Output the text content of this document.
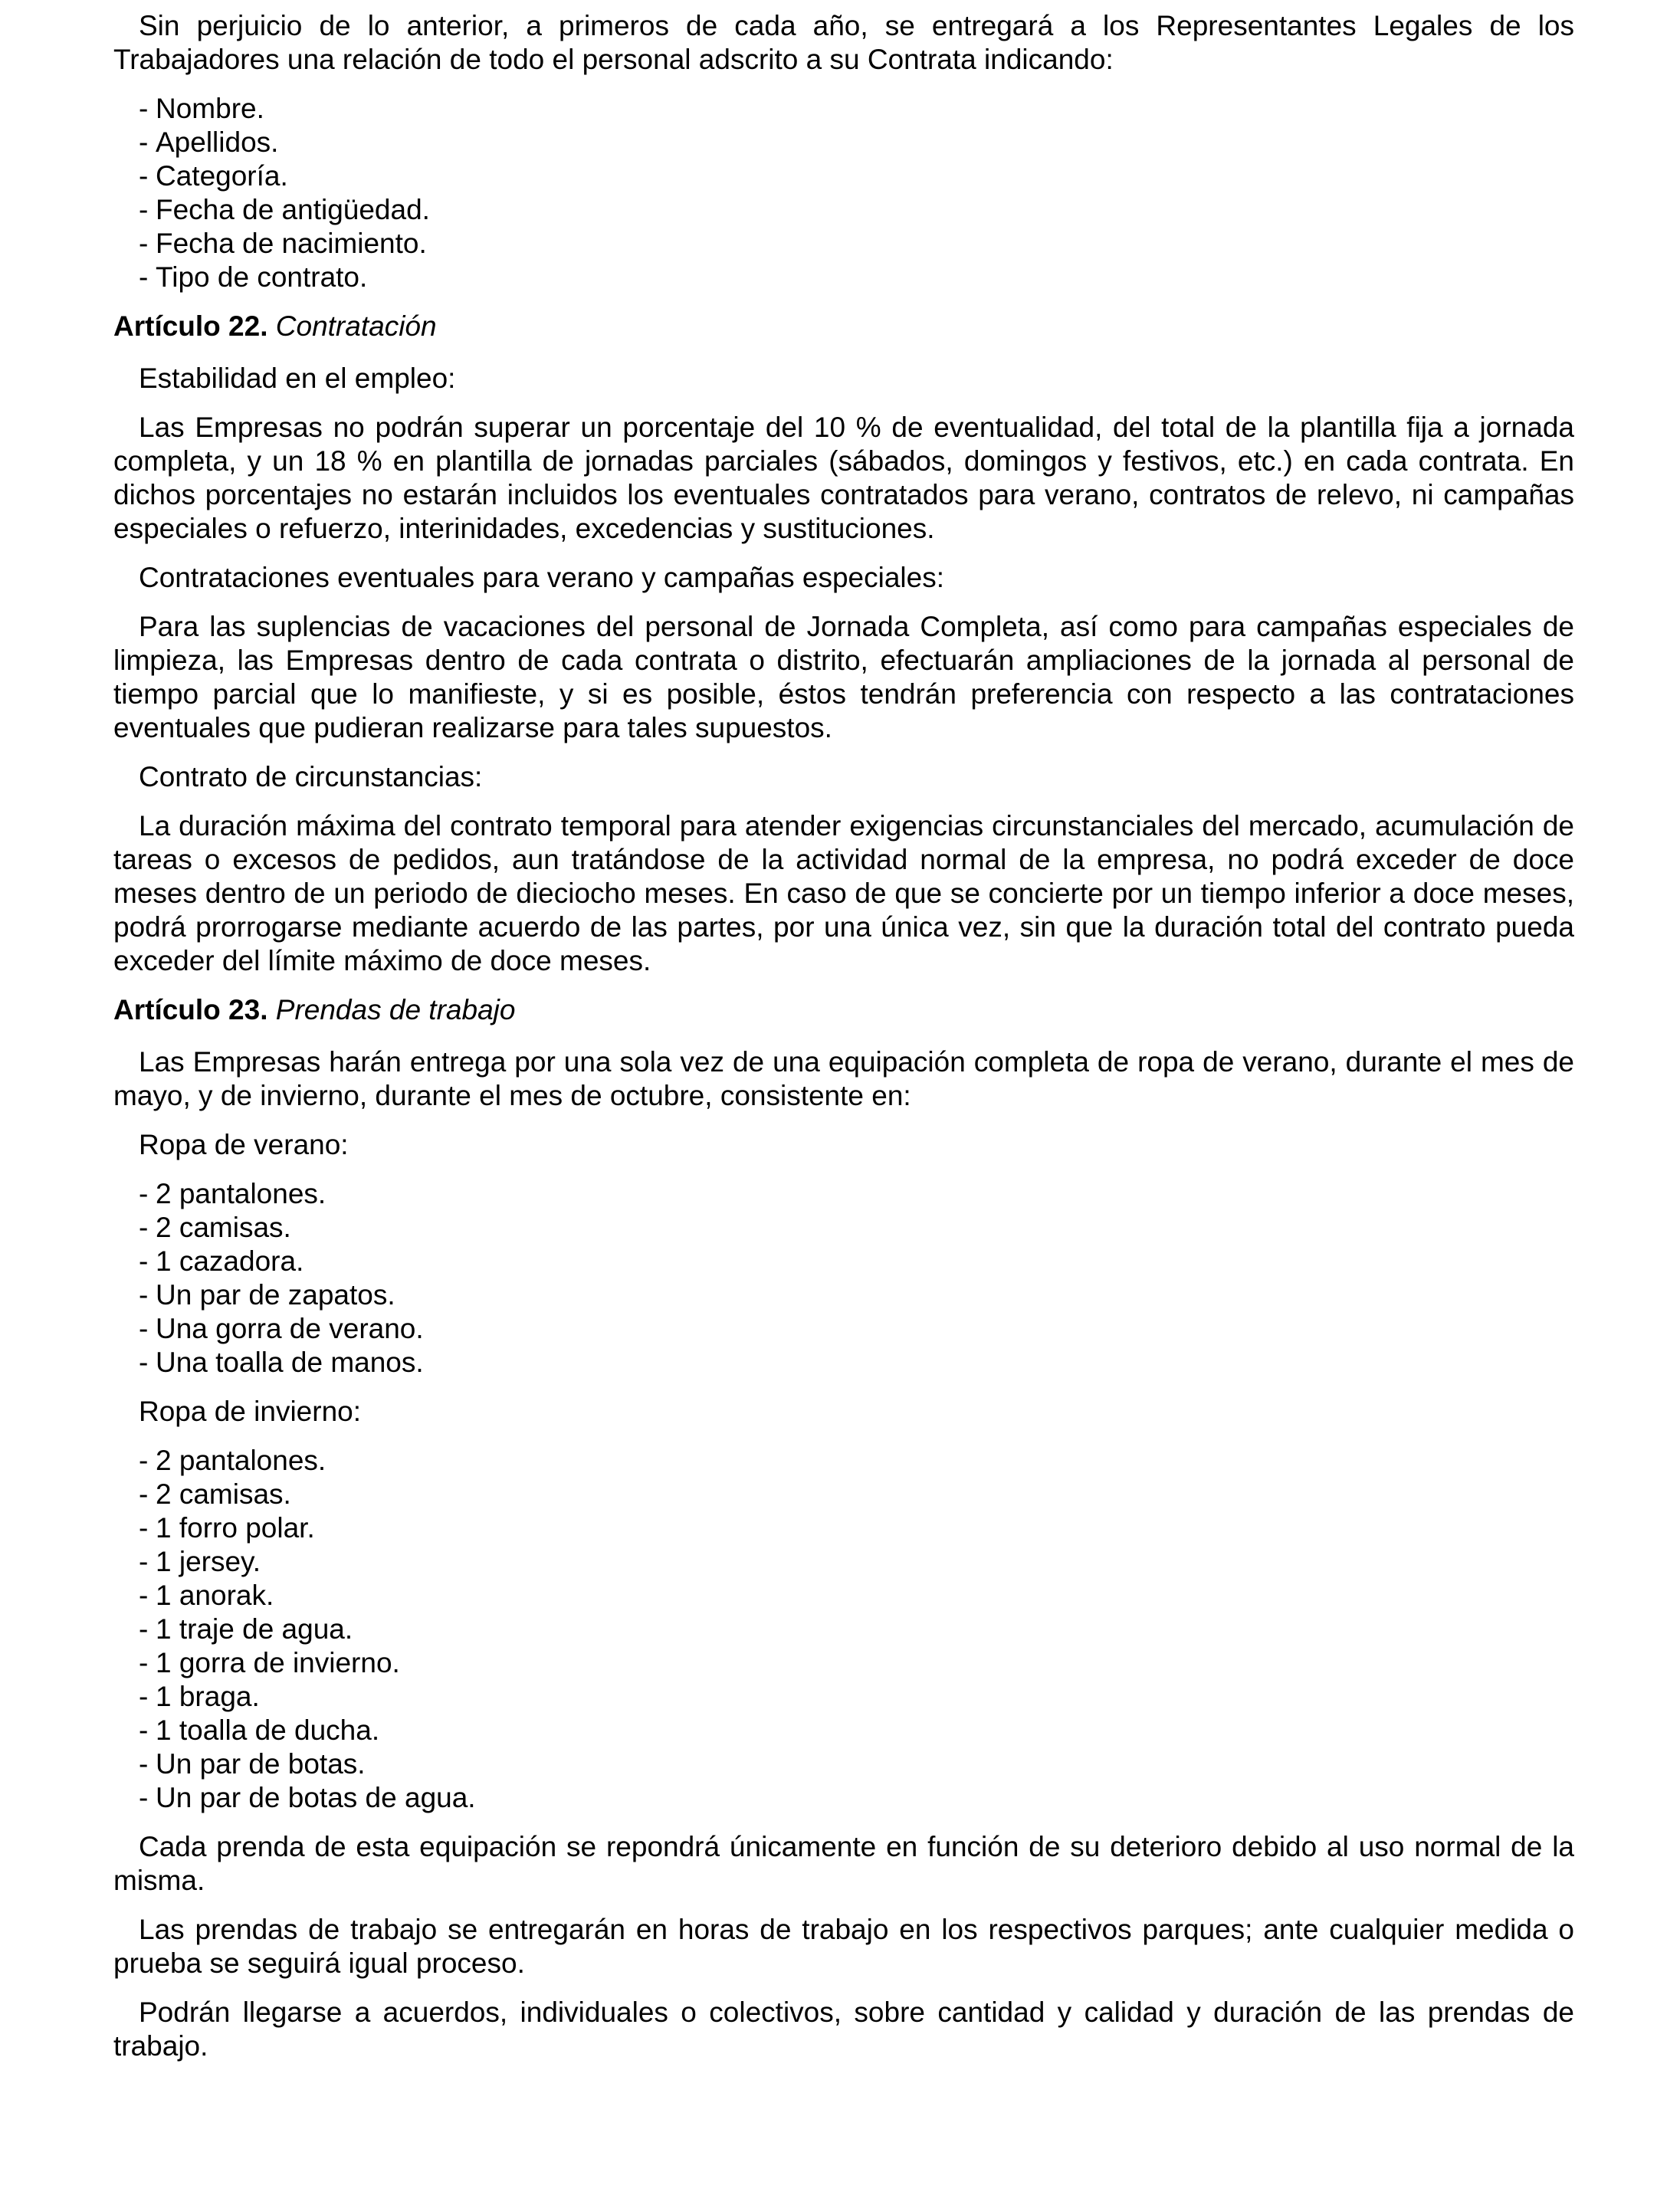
Sin perjuicio de lo anterior, a primeros de cada año, se entregará a los Representantes Legales de los Trabajadores una relación de todo el personal adscrito a su Contrata indicando:

- Nombre.
- Apellidos.
- Categoría.
- Fecha de antigüedad.
- Fecha de nacimiento.
- Tipo de contrato.
Artículo 22. Contratación

Estabilidad en el empleo:

Las Empresas no podrán superar un porcentaje del 10 % de eventualidad, del total de la plantilla fija a jornada completa, y un 18 % en plantilla de jornadas parciales (sábados, domingos y festivos, etc.) en cada contrata. En dichos porcentajes no estarán incluidos los eventuales contratados para verano, contratos de relevo, ni campañas especiales o refuerzo, interinidades, excedencias y sustituciones.

Contrataciones eventuales para verano y campañas especiales:

Para las suplencias de vacaciones del personal de Jornada Completa, así como para campañas especiales de limpieza, las Empresas dentro de cada contrata o distrito, efectuarán ampliaciones de la jornada al personal de tiempo parcial que lo manifieste, y si es posible, éstos tendrán preferencia con respecto a las contrataciones eventuales que pudieran realizarse para tales supuestos.

Contrato de circunstancias:

La duración máxima del contrato temporal para atender exigencias circunstanciales del mercado, acumulación de tareas o excesos de pedidos, aun tratándose de la actividad normal de la empresa, no podrá exceder de doce meses dentro de un periodo de dieciocho meses. En caso de que se concierte por un tiempo inferior a doce meses, podrá prorrogarse mediante acuerdo de las partes, por una única vez, sin que la duración total del contrato pueda exceder del límite máximo de doce meses.

Artículo 23. Prendas de trabajo

Las Empresas harán entrega por una sola vez de una equipación completa de ropa de verano, durante el mes de mayo, y de invierno, durante el mes de octubre, consistente en:

Ropa de verano:

- 2 pantalones.
- 2 camisas.
- 1 cazadora.
- Un par de zapatos.
- Una gorra de verano.
- Una toalla de manos.

Ropa de invierno:

- 2 pantalones.
- 2 camisas.
- 1 forro polar.
- 1 jersey.
- 1 anorak.
- 1 traje de agua.
- 1 gorra de invierno.
- 1 braga.
- 1 toalla de ducha.
- Un par de botas.
- Un par de botas de agua.

Cada prenda de esta equipación se repondrá únicamente en función de su deterioro debido al uso normal de la misma.

Las prendas de trabajo se entregarán en horas de trabajo en los respectivos parques; ante cualquier medida o prueba se seguirá igual proceso.

Podrán llegarse a acuerdos, individuales o colectivos, sobre cantidad y calidad y duración de las prendas de trabajo.
